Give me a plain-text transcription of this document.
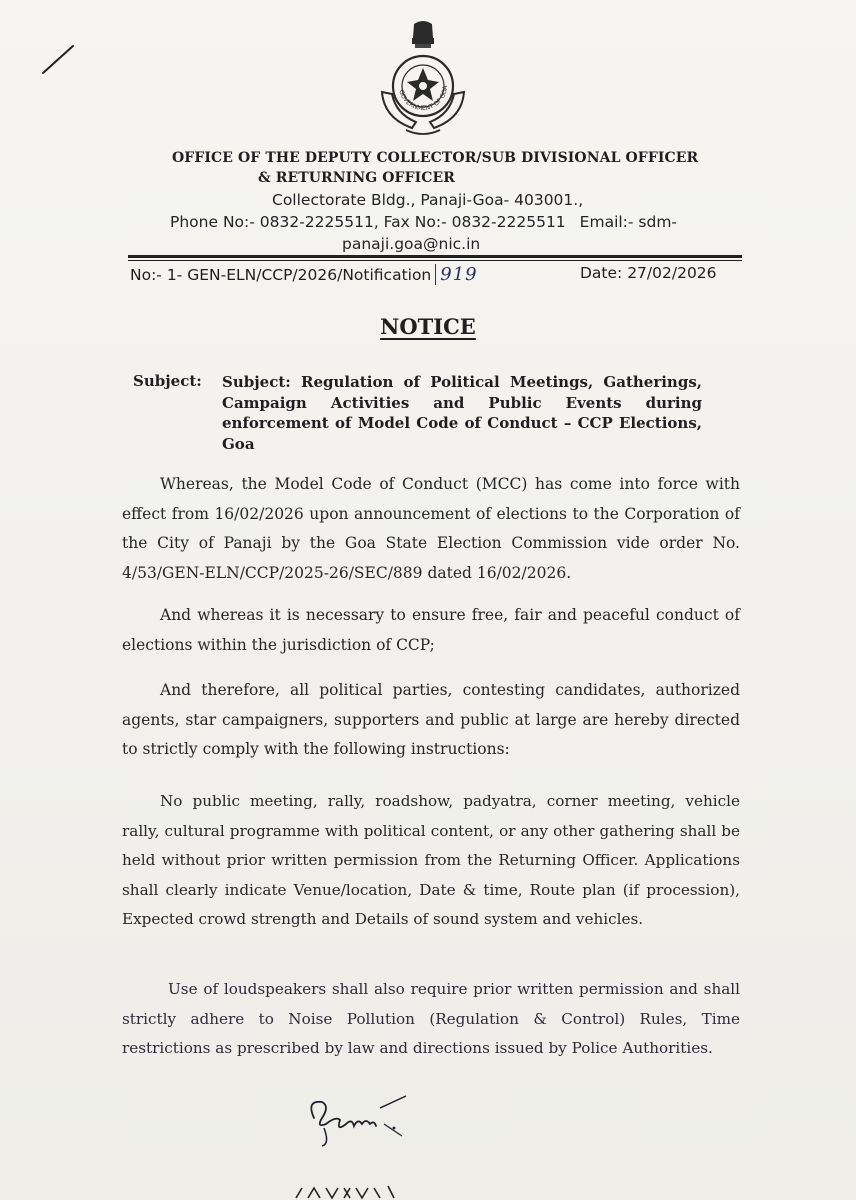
GOVERNMENT OF GOA
OFFICE OF THE DEPUTY COLLECTOR/SUB DIVISIONAL OFFICER
& RETURNING OFFICER
Collectorate Bldg., Panaji-Goa- 403001.,
Phone No:- 0832-2225511, Fax No:- 0832-2225511 Email:- sdm-
panaji.goa@nic.in
No:- 1- GEN-ELN/CCP/2026/Notification 919	Date: 27/02/2026
NOTICE
Subject: Subject: Regulation of Political Meetings, Gatherings, Campaign Activities and Public Events during enforcement of Model Code of Conduct – CCP Elections, Goa
Whereas, the Model Code of Conduct (MCC) has come into force with effect from 16/02/2026 upon announcement of elections to the Corporation of the City of Panaji by the Goa State Election Commission vide order No. 4/53/GEN-ELN/CCP/2025-26/SEC/889 dated 16/02/2026.
And whereas it is necessary to ensure free, fair and peaceful conduct of elections within the jurisdiction of CCP;
And therefore, all political parties, contesting candidates, authorized agents, star campaigners, supporters and public at large are hereby directed to strictly comply with the following instructions:
No public meeting, rally, roadshow, padyatra, corner meeting, vehicle rally, cultural programme with political content, or any other gathering shall be held without prior written permission from the Returning Officer. Applications shall clearly indicate Venue/location, Date & time, Route plan (if procession), Expected crowd strength and Details of sound system and vehicles.
Use of loudspeakers shall also require prior written permission and shall strictly adhere to Noise Pollution (Regulation & Control) Rules, Time restrictions as prescribed by law and directions issued by Police Authorities.
